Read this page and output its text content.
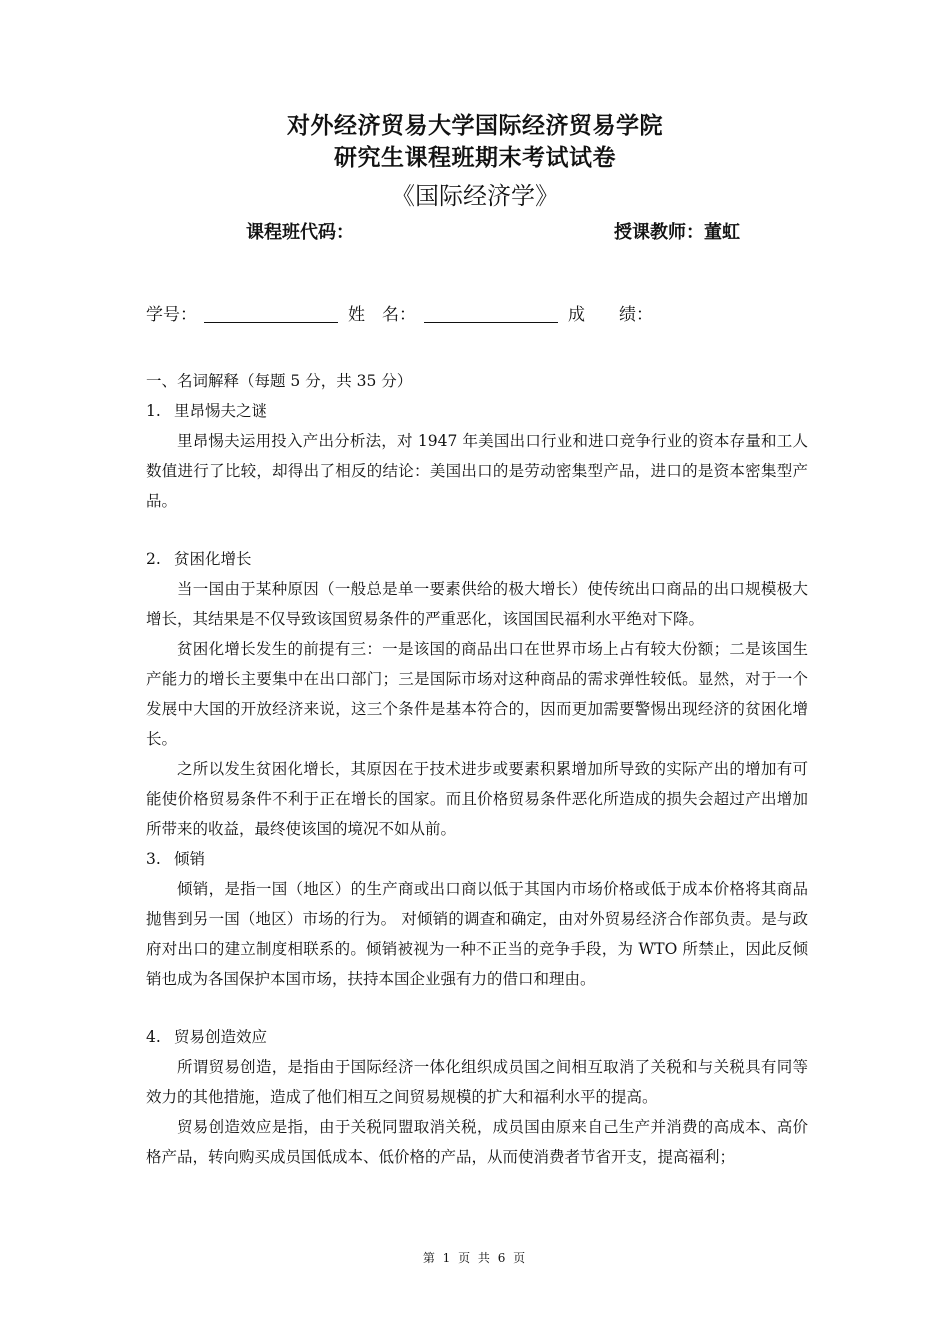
对外经济贸易大学国际经济贸易学院
研究生课程班期末考试试卷
《国际经济学》
课程班代码：	授课教师：董虹
学号：	姓　名：	成　　绩：

一、名词解释（每题 5 分，共 35 分）

1. 里昂惕夫之谜

里昂惕夫运用投入产出分析法，对 1947 年美国出口行业和进口竞争行业的资本存量和工人数值进行了比较，却得出了相反的结论：美国出口的是劳动密集型产品，进口的是资本密集型产品。

2. 贫困化增长

当一国由于某种原因（一般总是单一要素供给的极大增长）使传统出口商品的出口规模极大增长，其结果是不仅导致该国贸易条件的严重恶化，该国国民福利水平绝对下降。

贫困化增长发生的前提有三：一是该国的商品出口在世界市场上占有较大份额；二是该国生产能力的增长主要集中在出口部门；三是国际市场对这种商品的需求弹性较低。显然，对于一个发展中大国的开放经济来说，这三个条件是基本符合的，因而更加需要警惕出现经济的贫困化增长。

之所以发生贫困化增长，其原因在于技术进步或要素积累增加所导致的实际产出的增加有可能使价格贸易条件不利于正在增长的国家。而且价格贸易条件恶化所造成的损失会超过产出增加所带来的收益，最终使该国的境况不如从前。

3. 倾销

倾销，是指一国（地区）的生产商或出口商以低于其国内市场价格或低于成本价格将其商品抛售到另一国（地区）市场的行为。 对倾销的调查和确定，由对外贸易经济合作部负责。是与政府对出口的建立制度相联系的。倾销被视为一种不正当的竞争手段，为 WTO 所禁止，因此反倾销也成为各国保护本国市场，扶持本国企业强有力的借口和理由。

4. 贸易创造效应

所谓贸易创造，是指由于国际经济一体化组织成员国之间相互取消了关税和与关税具有同等效力的其他措施，造成了他们相互之间贸易规模的扩大和福利水平的提高。

贸易创造效应是指，由于关税同盟取消关税，成员国由原来自己生产并消费的高成本、高价格产品，转向购买成员国低成本、低价格的产品，从而使消费者节省开支，提高福利；

第 1 页 共 6 页
